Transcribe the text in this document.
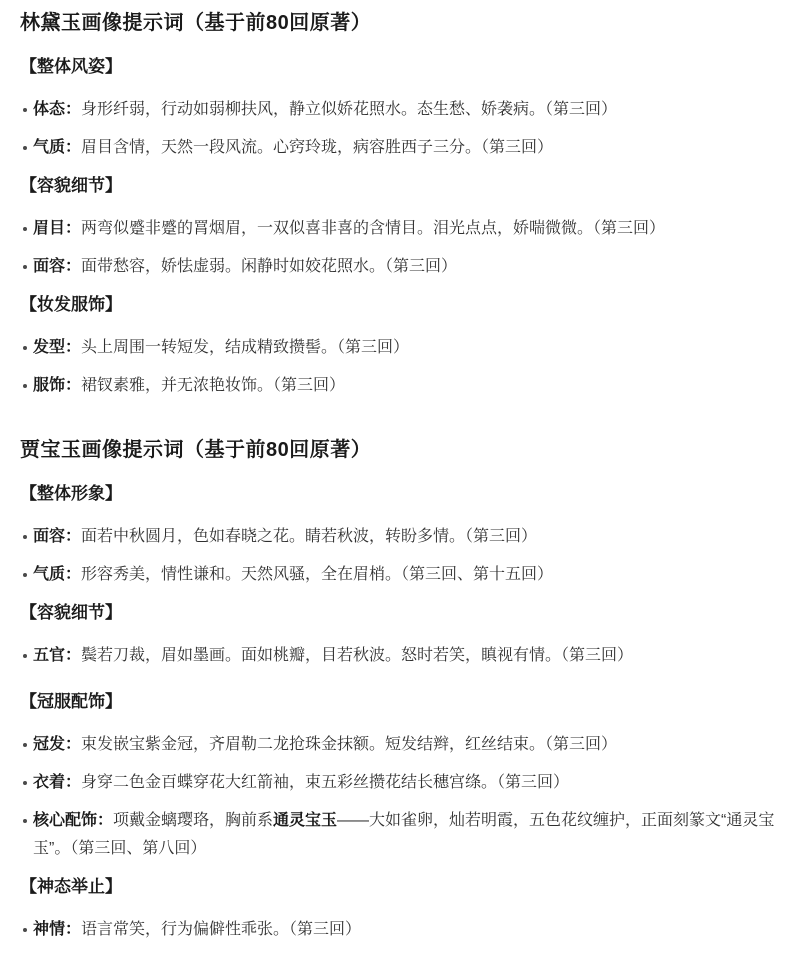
林黛玉画像提示词（基于前80回原著）
【整体风姿】
体态：身形纤弱，行动如弱柳扶风，静立似娇花照水。态生愁、娇袭病。（第三回）
气质：眉目含情，天然一段风流。心窍玲珑，病容胜西子三分。（第三回）
【容貌细节】
眉目：两弯似蹙非蹙的罥烟眉，一双似喜非喜的含情目。泪光点点，娇喘微微。（第三回）
面容：面带愁容，娇怯虚弱。闲静时如姣花照水。（第三回）
【妆发服饰】
发型：头上周围一转短发，结成精致攒髻。（第三回）
服饰：裙钗素雅，并无浓艳妆饰。（第三回）
贾宝玉画像提示词（基于前80回原著）
【整体形象】
面容：面若中秋圆月，色如春晓之花。睛若秋波，转盼多情。（第三回）
气质：形容秀美，情性谦和。天然风骚，全在眉梢。（第三回、第十五回）
【容貌细节】
五官：鬓若刀裁，眉如墨画。面如桃瓣，目若秋波。怒时若笑，瞋视有情。（第三回）
【冠服配饰】
冠发：束发嵌宝紫金冠，齐眉勒二龙抢珠金抹额。短发结辫，红丝结束。（第三回）
衣着：身穿二色金百蝶穿花大红箭袖，束五彩丝攒花结长穗宫绦。（第三回）
核心配饰：项戴金螭璎珞，胸前系通灵宝玉——大如雀卵，灿若明霞，五色花纹缠护，正面刻篆文“通灵宝玉”。（第三回、第八回）
【神态举止】
神情：语言常笑，行为偏僻性乖张。（第三回）
